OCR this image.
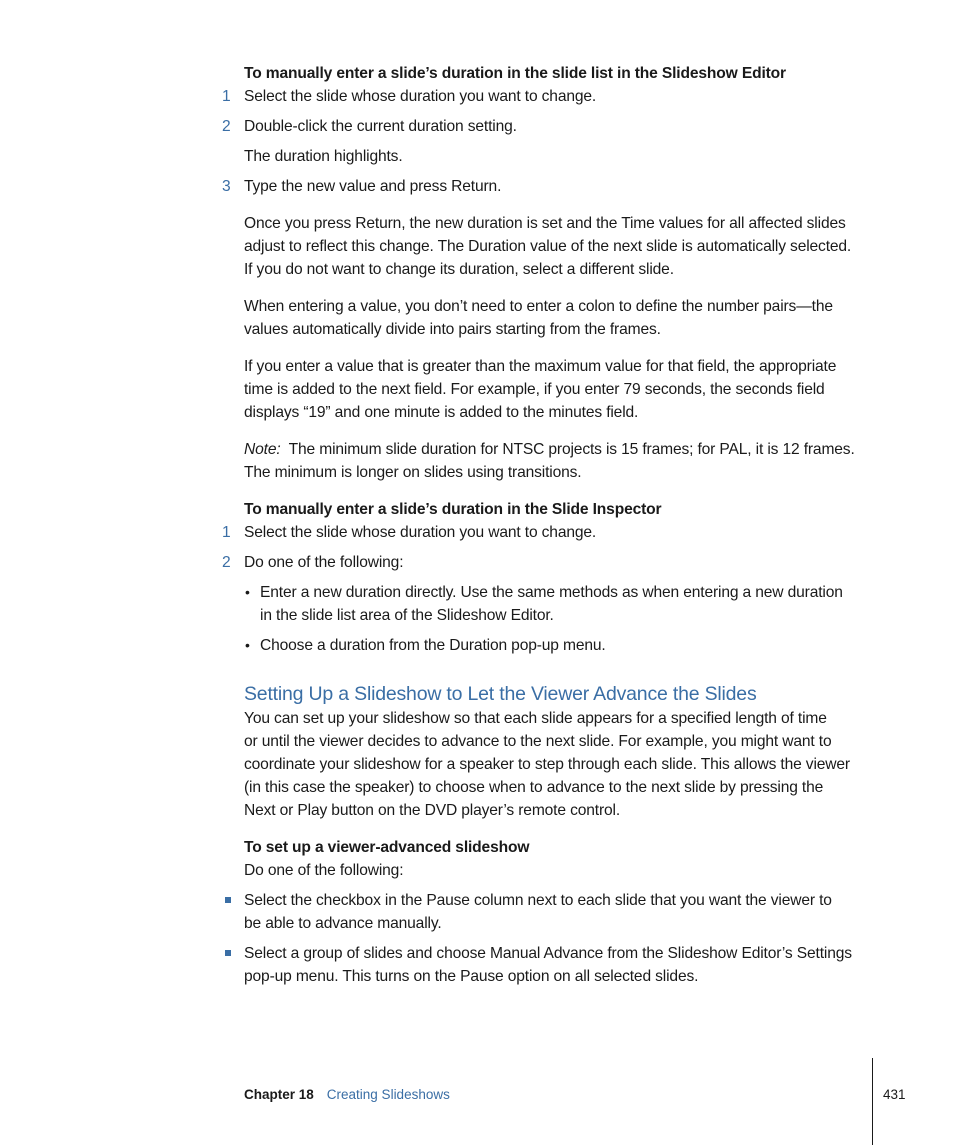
To manually enter a slide’s duration in the slide list in the Slideshow Editor
1 Select the slide whose duration you want to change.
2 Double-click the current duration setting.
The duration highlights.
3 Type the new value and press Return.
Once you press Return, the new duration is set and the Time values for all affected slides
adjust to reflect this change. The Duration value of the next slide is automatically selected.
If you do not want to change its duration, select a different slide.
When entering a value, you don’t need to enter a colon to define the number pairs—the
values automatically divide into pairs starting from the frames.
If you enter a value that is greater than the maximum value for that field, the appropriate
time is added to the next field. For example, if you enter 79 seconds, the seconds field
displays “19” and one minute is added to the minutes field.
Note: The minimum slide duration for NTSC projects is 15 frames; for PAL, it is 12 frames.
The minimum is longer on slides using transitions.
To manually enter a slide’s duration in the Slide Inspector
1 Select the slide whose duration you want to change.
2 Do one of the following:
• Enter a new duration directly. Use the same methods as when entering a new duration
in the slide list area of the Slideshow Editor.
• Choose a duration from the Duration pop-up menu.
Setting Up a Slideshow to Let the Viewer Advance the Slides
You can set up your slideshow so that each slide appears for a specified length of time
or until the viewer decides to advance to the next slide. For example, you might want to
coordinate your slideshow for a speaker to step through each slide. This allows the viewer
(in this case the speaker) to choose when to advance to the next slide by pressing the
Next or Play button on the DVD player’s remote control.
To set up a viewer-advanced slideshow
Do one of the following:
Select the checkbox in the Pause column next to each slide that you want the viewer to
be able to advance manually.
Select a group of slides and choose Manual Advance from the Slideshow Editor’s Settings
pop-up menu. This turns on the Pause option on all selected slides.
Chapter 18 Creating Slideshows	431
